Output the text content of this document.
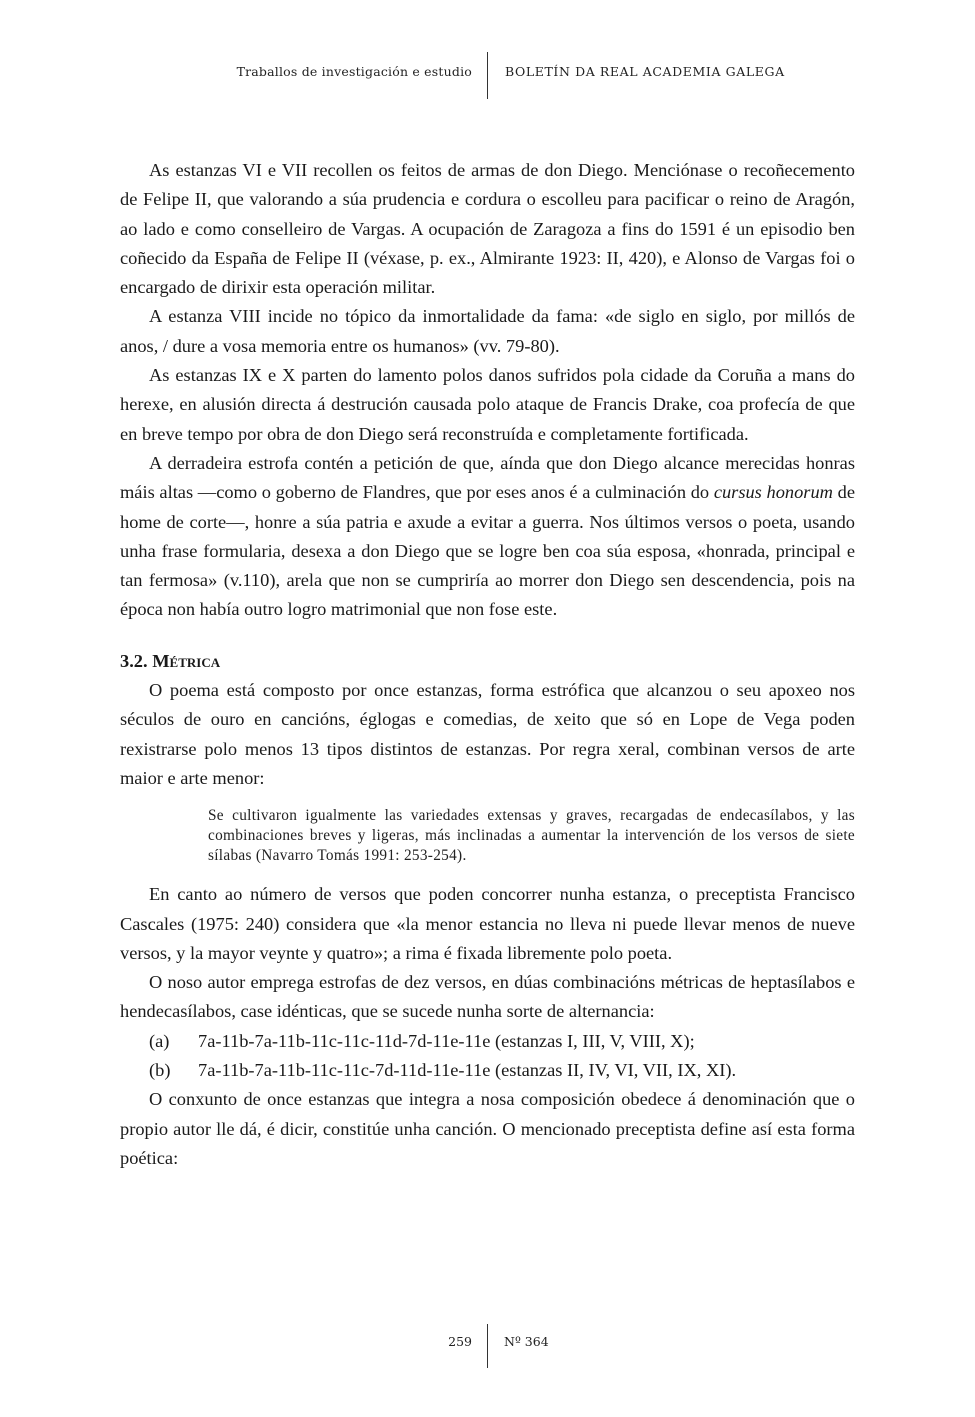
Traballos de investigación e estudio	BOLETÍN DA REAL ACADEMIA GALEGA

As estanzas VI e VII recollen os feitos de armas de don Diego. Menciónase o recoñecemento de Felipe II, que valorando a súa prudencia e cordura o escolleu para pacificar o reino de Aragón, ao lado e como conselleiro de Vargas. A ocupación de Zaragoza a fins do 1591 é un episodio ben coñecido da España de Felipe II (véxase, p. ex., Almirante 1923: II, 420), e Alonso de Vargas foi o encargado de dirixir esta operación militar.

A estanza VIII incide no tópico da inmortalidade da fama: «de siglo en siglo, por millós de anos, / dure a vosa memoria entre os humanos» (vv. 79-80).

As estanzas IX e X parten do lamento polos danos sufridos pola cidade da Coruña a mans do herexe, en alusión directa á destrución causada polo ataque de Francis Drake, coa profecía de que en breve tempo por obra de don Diego será reconstruída e completamente fortificada.

A derradeira estrofa contén a petición de que, aínda que don Diego alcance merecidas honras máis altas —como o goberno de Flandres, que por eses anos é a culminación do cursus honorum de home de corte—, honre a súa patria e axude a evitar a guerra. Nos últimos versos o poeta, usando unha frase formularia, desexa a don Diego que se logre ben coa súa esposa, «honrada, principal e tan fermosa» (v.110), arela que non se cumpriría ao morrer don Diego sen descendencia, pois na época non había outro logro matrimonial que non fose este.

3.2. Métrica

O poema está composto por once estanzas, forma estrófica que alcanzou o seu apoxeo nos séculos de ouro en cancións, églogas e comedias, de xeito que só en Lope de Vega poden rexistrarse polo menos 13 tipos distintos de estanzas. Por regra xeral, combinan versos de arte maior e arte menor:

Se cultivaron igualmente las variedades extensas y graves, recargadas de endecasílabos, y las combinaciones breves y ligeras, más inclinadas a aumentar la intervención de los versos de siete sílabas (Navarro Tomás 1991: 253-254).

En canto ao número de versos que poden concorrer nunha estanza, o preceptista Francisco Cascales (1975: 240) considera que «la menor estancia no lleva ni puede llevar menos de nueve versos, y la mayor veynte y quatro»; a rima é fixada libremente polo poeta.

O noso autor emprega estrofas de dez versos, en dúas combinacións métricas de heptasílabos e hendecasílabos, case idénticas, que se sucede nunha sorte de alternancia:

(a) 7a-11b-7a-11b-11c-11c-11d-7d-11e-11e (estanzas I, III, V, VIII, X);
(b) 7a-11b-7a-11b-11c-11c-7d-11d-11e-11e (estanzas II, IV, VI, VII, IX, XI).

O conxunto de once estanzas que integra a nosa composición obedece á denominación que o propio autor lle dá, é dicir, constitúe unha canción. O mencionado preceptista define así esta forma poética:

259	Nº 364
